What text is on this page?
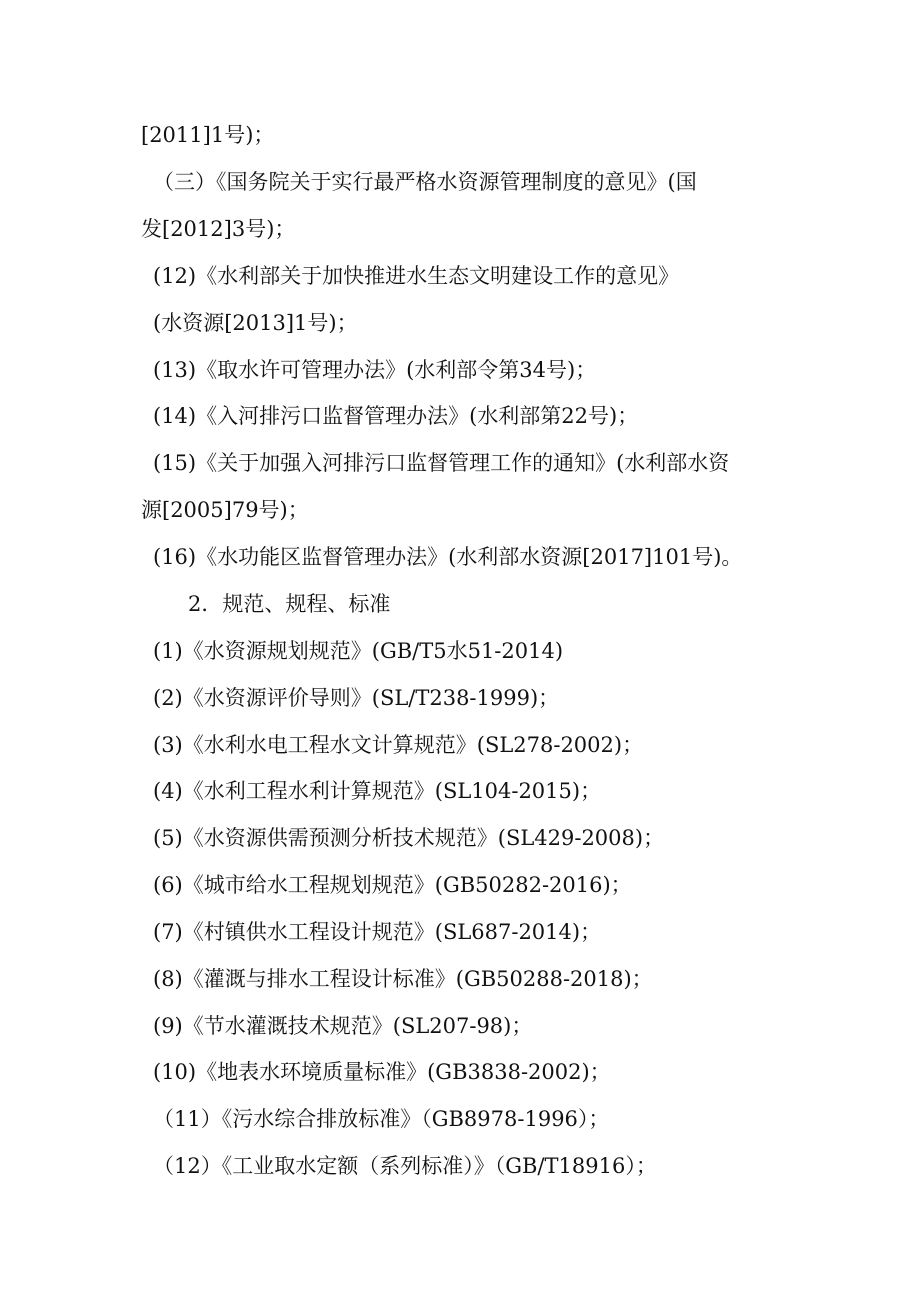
[2011]1号)；
（三）《国务院关于实行最严格水资源管理制度的意见》(国
发[2012]3号)；
(12)《水利部关于加快推进水生态文明建设工作的意见》
(水资源[2013]1号)；
(13)《取水许可管理办法》(水利部令第34号)；
(14)《入河排污口监督管理办法》(水利部第22号)；
(15)《关于加强入河排污口监督管理工作的通知》(水利部水资
源[2005]79号)；
(16)《水功能区监督管理办法》(水利部水资源[2017]101号)。
2．规范、规程、标准
(1)《水资源规划规范》(GB/T5水51-2014)
(2)《水资源评价导则》(SL/T238-1999)；
(3)《水利水电工程水文计算规范》(SL278-2002)；
(4)《水利工程水利计算规范》(SL104-2015)；
(5)《水资源供需预测分析技术规范》(SL429-2008)；
(6)《城市给水工程规划规范》(GB50282-2016)；
(7)《村镇供水工程设计规范》(SL687-2014)；
(8)《灌溉与排水工程设计标准》(GB50288-2018)；
(9)《节水灌溉技术规范》(SL207-98)；
(10)《地表水环境质量标准》(GB3838-2002)；
（11）《污水综合排放标准》（GB8978-1996）；
（12）《工业取水定额（系列标准）》（GB/T18916）；
